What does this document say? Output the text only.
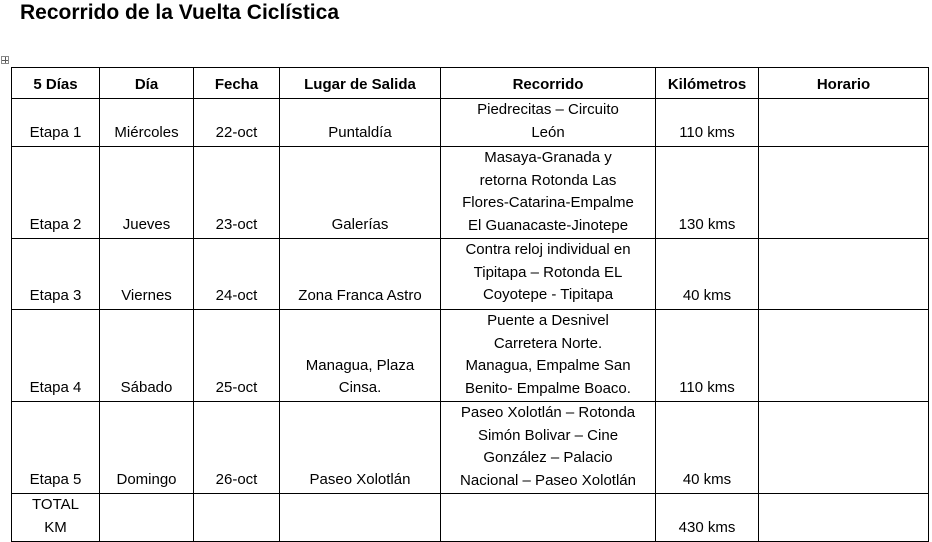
Recorrido de la Vuelta Ciclística
5 Días	Día	Fecha	Lugar de Salida	Recorrido	Kilómetros	Horario
Etapa 1	Miércoles	22-oct	Puntaldía	Piedrecitas – Circuito
León	110 kms	
Etapa 2	Jueves	23-oct	Galerías	Masaya-Granada y
retorna Rotonda Las
Flores-Catarina-Empalme
El Guanacaste-Jinotepe	130 kms	
Etapa 3	Viernes	24-oct	Zona Franca Astro	Contra reloj individual en
Tipitapa – Rotonda EL
Coyotepe - Tipitapa	40 kms	
Etapa 4	Sábado	25-oct	Managua, Plaza
Cinsa.	Puente a Desnivel
Carretera Norte.
Managua, Empalme San
Benito- Empalme Boaco.	110 kms	
Etapa 5	Domingo	26-oct	Paseo Xolotlán	Paseo Xolotlán – Rotonda
Simón Bolivar – Cine
González – Palacio
Nacional – Paseo Xolotlán	40 kms	

TOTAL
KM					430 kms	
